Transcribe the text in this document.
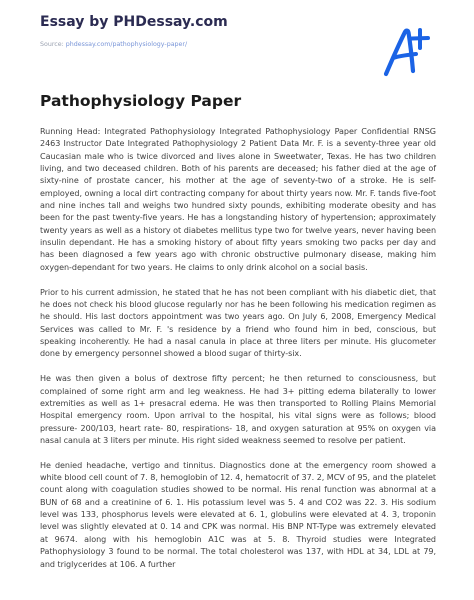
Essay by PHDessay.com
Source: phdessay.com/pathophysiology-paper/
Pathophysiology Paper

Running Head: Integrated Pathophysiology Integrated Pathophysiology Paper Confidential RNSG 2463 Instructor Date Integrated Pathophysiology 2 Patient Data Mr. F. is a seventy-three year old Caucasian male who is twice divorced and lives alone in Sweetwater, Texas. He has two children living, and two deceased children. Both of his parents are deceased; his father died at the age of sixty-nine of prostate cancer, his mother at the age of seventy-two of a stroke. He is self-employed, owning a local dirt contracting company for about thirty years now. Mr. F. tands five-foot and nine inches tall and weighs two hundred sixty pounds, exhibiting moderate obesity and has been for the past twenty-five years. He has a longstanding history of hypertension; approximately twenty years as well as a history ot diabetes mellitus type two for twelve years, never having been insulin dependant. He has a smoking history of about fifty years smoking two packs per day and has been diagnosed a few years ago with chronic obstructive pulmonary disease, making him oxygen-dependant for two years. He claims to only drink alcohol on a social basis.

Prior to his current admission, he stated that he has not been compliant with his diabetic diet, that he does not check his blood glucose regularly nor has he been following his medication regimen as he should. His last doctors appointment was two years ago. On July 6, 2008, Emergency Medical Services was called to Mr. F. 's residence by a friend who found him in bed, conscious, but speaking incoherently. He had a nasal canula in place at three liters per minute. His glucometer done by emergency personnel showed a blood sugar of thirty-six.

He was then given a bolus of dextrose fifty percent; he then returned to consciousness, but complained of some right arm and leg weakness. He had 3+ pitting edema bilaterally to lower extremities as well as 1+ presacral edema. He was then transported to Rolling Plains Memorial Hospital emergency room. Upon arrival to the hospital, his vital signs were as follows; blood pressure- 200/103, heart rate- 80, respirations- 18, and oxygen saturation at 95% on oxygen via nasal canula at 3 liters per minute. His right sided weakness seemed to resolve per patient.

He denied headache, vertigo and tinnitus. Diagnostics done at the emergency room showed a white blood cell count of 7. 8, hemoglobin of 12. 4, hematocrit of 37. 2, MCV of 95, and the platelet count along with coagulation studies showed to be normal. His renal function was abnormal at a BUN of 68 and a creatinine of 6. 1. His potassium level was 5. 4 and CO2 was 22. 3. His sodium level was 133, phosphorus levels were elevated at 6. 1, globulins were elevated at 4. 3, troponin level was slightly elevated at 0. 14 and CPK was normal. His BNP NT-Type was extremely elevated at 9674. along with his hemoglobin A1C was at 5. 8. Thyroid studies were Integrated Pathophysiology 3 found to be normal. The total cholesterol was 137, with HDL at 34, LDL at 79, and triglycerides at 106. A further
